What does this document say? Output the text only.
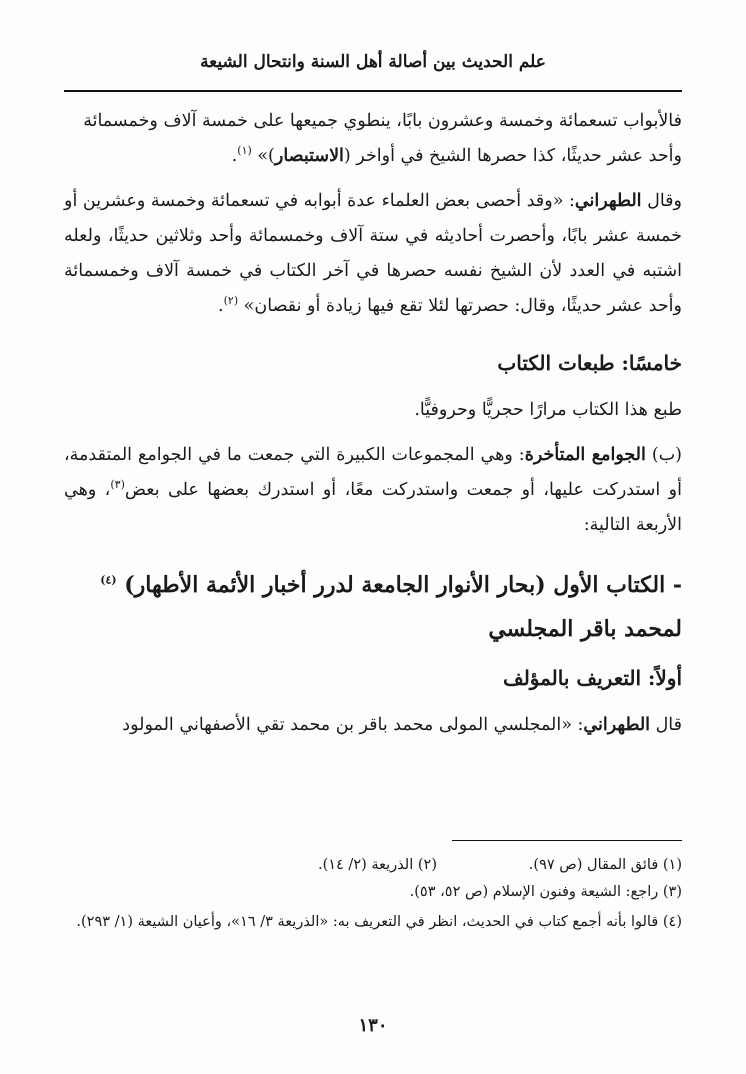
علم الحديث بين أصالة أهل السنة وانتحال الشيعة

فالأبواب تسعمائة وخمسة وعشرون بابًا، ينطوي جميعها على خمسة آلاف وخمسمائة
وأحد عشر حديثًا، كذا حصرها الشيخ في أواخر (الاستبصار)» $^{(١)}$.

وقال الطهراني: «وقد أحصى بعض العلماء عدة أبوابه في تسعمائة وخمسة وعشرين أو خمسة عشر بابًا، وأحصرت أحاديثه في ستة آلاف وخمسمائة وأحد وثلاثين حديثًا، ولعله اشتبه في العدد لأن الشيخ نفسه حصرها في آخر الكتاب في خمسة آلاف وخمسمائة وأحد عشر حديثًا، وقال: حصرتها لئلا تقع فيها زيادة أو نقصان» $^{(٢)}$.

خامسًا: طبعات الكتاب

طبع هذا الكتاب مرارًا حجريًّا وحروفيًّا.

(ب) الجوامع المتأخرة: وهي المجموعات الكبيرة التي جمعت ما في الجوامع المتقدمة، أو استدركت عليها، أو جمعت واستدركت معًا، أو استدرك بعضها على بعض$^{(٣)}$، وهي الأربعة التالية:

- الكتاب الأول (بحار الأنوار الجامعة لدرر أخبار الأئمة الأطهار) $^{(٤)}$
لمحمد باقر المجلسي

أولاً: التعريف بالمؤلف

قال الطهراني: «المجلسي المولى محمد باقر بن محمد تقي الأصفهاني المولود

(١) فائق المقال (ص ٩٧).
(٢) الذريعة (٢/ ١٤).

(٣) راجع: الشيعة وفنون الإسلام (ص ٥٢، ٥٣).

(٤) قالوا بأنه أجمع كتاب في الحديث، انظر في التعريف به: «الذريعة ٣/ ١٦»، وأعيان الشيعة (١/ ٢٩٣).

١٣٠
